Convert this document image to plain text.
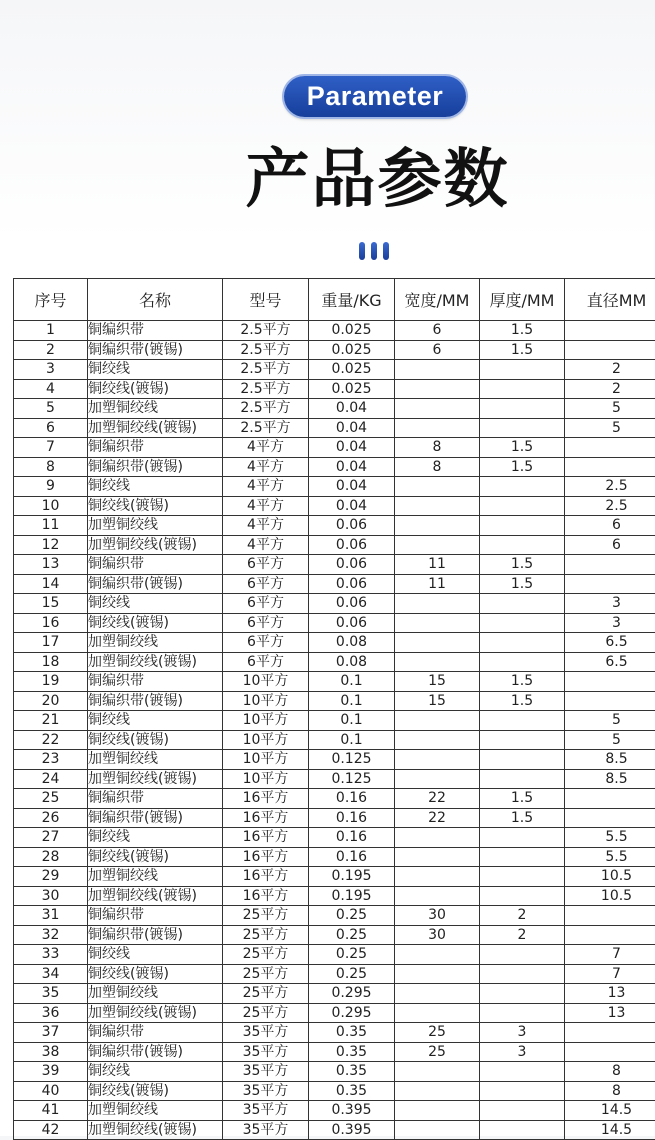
Parameter
产品参数
序号	名称	型号	重量/KG	宽度/MM	厚度/MM	直径MM
1	铜编织带	2.5平方	0.025	6	1.5	
2	铜编织带(镀锡)	2.5平方	0.025	6	1.5	
3	铜绞线	2.5平方	0.025			2
4	铜绞线(镀锡)	2.5平方	0.025			2
5	加塑铜绞线	2.5平方	0.04			5
6	加塑铜绞线(镀锡)	2.5平方	0.04			5
7	铜编织带	4平方	0.04	8	1.5	
8	铜编织带(镀锡)	4平方	0.04	8	1.5	
9	铜绞线	4平方	0.04			2.5
10	铜绞线(镀锡)	4平方	0.04			2.5
11	加塑铜绞线	4平方	0.06			6
12	加塑铜绞线(镀锡)	4平方	0.06			6
13	铜编织带	6平方	0.06	11	1.5	
14	铜编织带(镀锡)	6平方	0.06	11	1.5	
15	铜绞线	6平方	0.06			3
16	铜绞线(镀锡)	6平方	0.06			3
17	加塑铜绞线	6平方	0.08			6.5
18	加塑铜绞线(镀锡)	6平方	0.08			6.5
19	铜编织带	10平方	0.1	15	1.5	
20	铜编织带(镀锡)	10平方	0.1	15	1.5	
21	铜绞线	10平方	0.1			5
22	铜绞线(镀锡)	10平方	0.1			5
23	加塑铜绞线	10平方	0.125			8.5
24	加塑铜绞线(镀锡)	10平方	0.125			8.5
25	铜编织带	16平方	0.16	22	1.5	
26	铜编织带(镀锡)	16平方	0.16	22	1.5	
27	铜绞线	16平方	0.16			5.5
28	铜绞线(镀锡)	16平方	0.16			5.5
29	加塑铜绞线	16平方	0.195			10.5
30	加塑铜绞线(镀锡)	16平方	0.195			10.5
31	铜编织带	25平方	0.25	30	2	
32	铜编织带(镀锡)	25平方	0.25	30	2	
33	铜绞线	25平方	0.25			7
34	铜绞线(镀锡)	25平方	0.25			7
35	加塑铜绞线	25平方	0.295			13
36	加塑铜绞线(镀锡)	25平方	0.295			13
37	铜编织带	35平方	0.35	25	3	
38	铜编织带(镀锡)	35平方	0.35	25	3	
39	铜绞线	35平方	0.35			8
40	铜绞线(镀锡)	35平方	0.35			8
41	加塑铜绞线	35平方	0.395			14.5
42	加塑铜绞线(镀锡)	35平方	0.395			14.5
